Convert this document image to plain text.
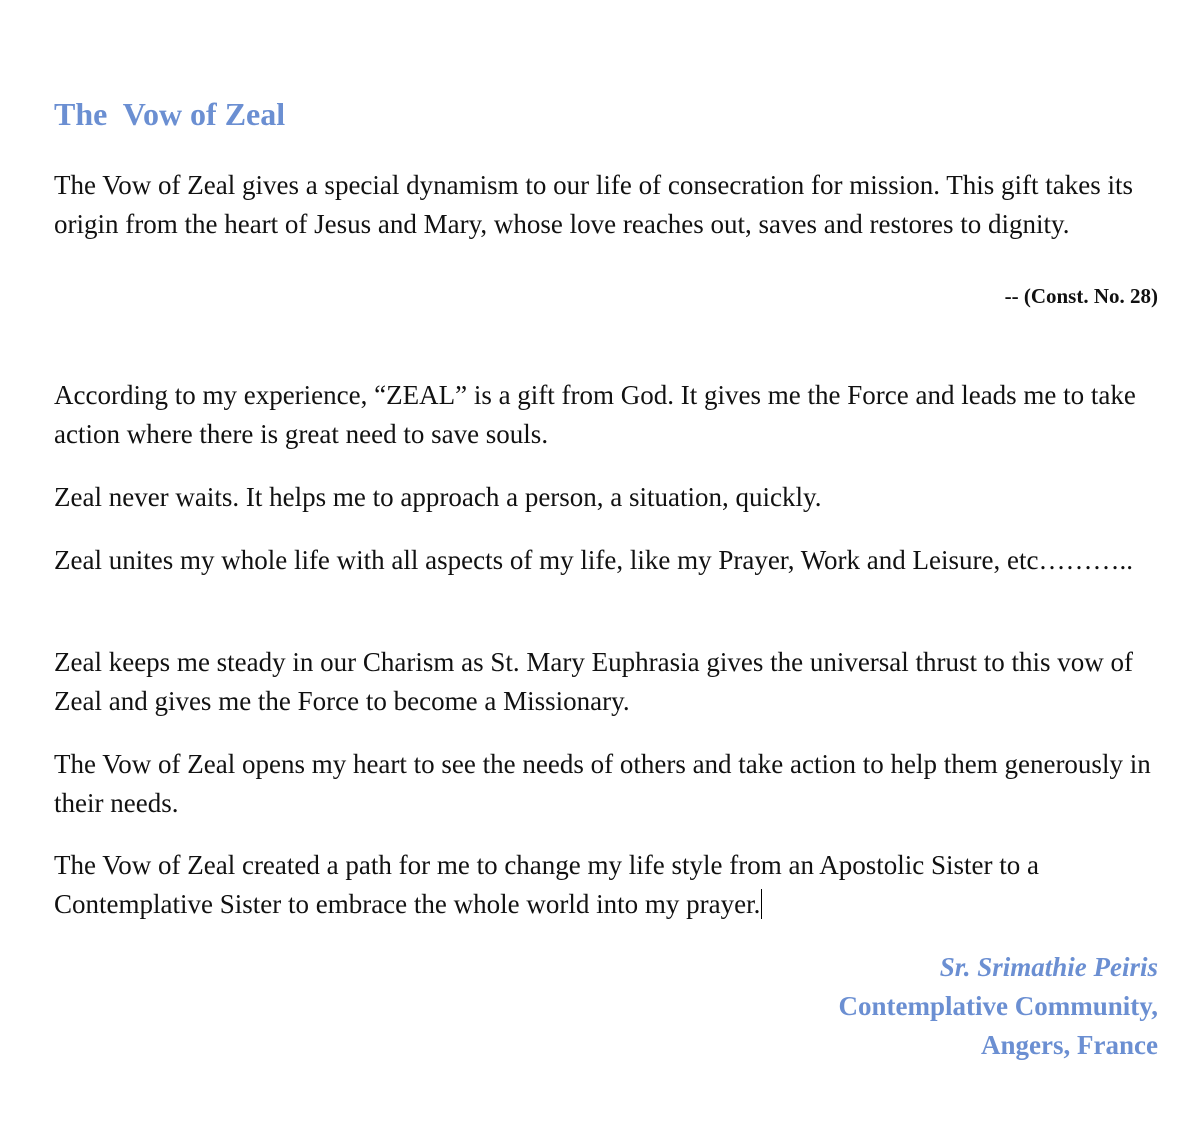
The  Vow of Zeal

The Vow of Zeal gives a special dynamism to our life of consecration for mission. This gift takes its origin from the heart of Jesus and Mary, whose love reaches out, saves and restores to dignity.

-- (Const. No. 28)

According to my experience, “ZEAL” is a gift from God. It gives me the Force and leads me to take action where there is great need to save souls.

Zeal never waits. It helps me to approach a person, a situation, quickly.

Zeal unites my whole life with all aspects of my life, like my Prayer, Work and Leisure, etc………..

Zeal keeps me steady in our Charism as St. Mary Euphrasia gives the universal thrust to this vow of Zeal and gives me the Force to become a Missionary.

The Vow of Zeal opens my heart to see the needs of others and take action to help them generously in their needs.

The Vow of Zeal created a path for me to change my life style from an Apostolic Sister to a Contemplative Sister to embrace the whole world into my prayer.

Sr. Srimathie Peiris
Contemplative Community,
Angers, France
